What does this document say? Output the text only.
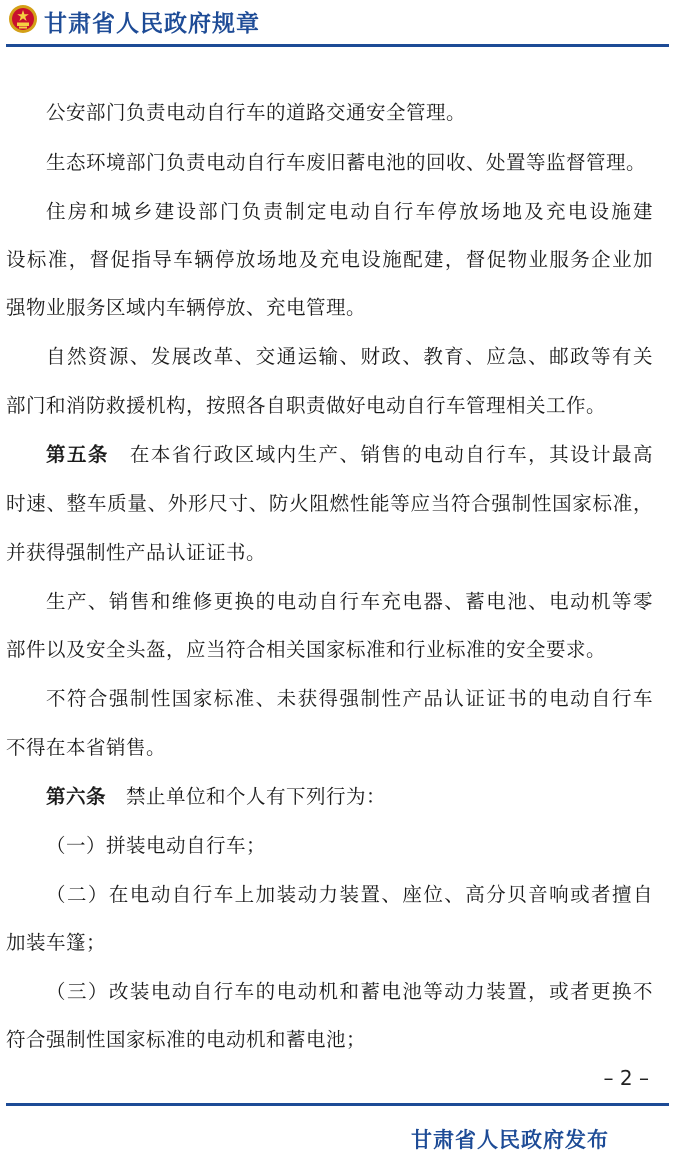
甘肃省人民政府规章
公安部门负责电动自行车的道路交通安全管理。
生态环境部门负责电动自行车废旧蓄电池的回收、处置等监督管理。
住房和城乡建设部门负责制定电动自行车停放场地及充电设施建
设标准，督促指导车辆停放场地及充电设施配建，督促物业服务企业加
强物业服务区域内车辆停放、充电管理。
自然资源、发展改革、交通运输、财政、教育、应急、邮政等有关
部门和消防救援机构，按照各自职责做好电动自行车管理相关工作。
第五条　 在本省行政区域内生产、销售的电动自行车，其设计最高
时速、整车质量、外形尺寸、防火阻燃性能等应当符合强制性国家标准，
并获得强制性产品认证证书。
生产、销售和维修更换的电动自行车充电器、蓄电池、电动机等零
部件以及安全头盔，应当符合相关国家标准和行业标准的安全要求。
不符合强制性国家标准、未获得强制性产品认证证书的电动自行车
不得在本省销售。
第六条　 禁止单位和个人有下列行为：
（一）拼装电动自行车；
（二）在电动自行车上加装动力装置、座位、高分贝音响或者擅自
加装车篷；
（三）改装电动自行车的电动机和蓄电池等动力装置，或者更换不
符合强制性国家标准的电动机和蓄电池；
– 2 –
甘肃省人民政府发布
